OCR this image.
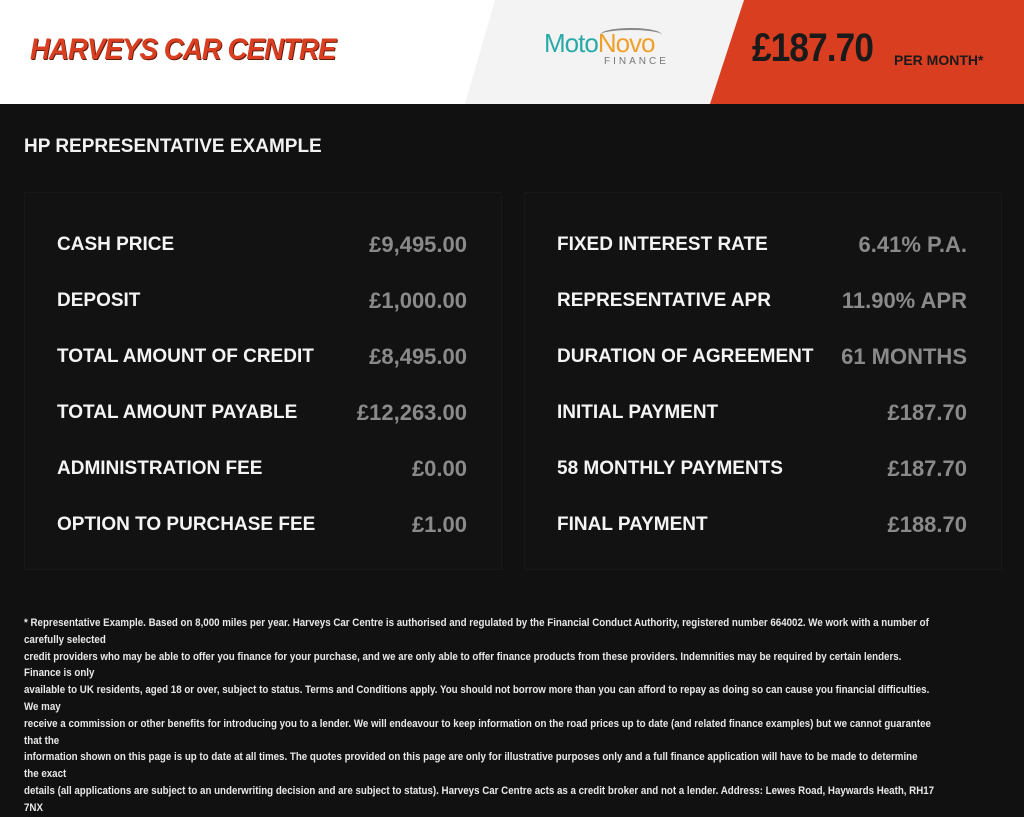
HARVEYS CAR CENTRE	MotoNovo
FINANCE £187.70 PER MONTH*
HP REPRESENTATIVE EXAMPLE
CASH PRICE	£9,495.00
DEPOSIT	£1,000.00
TOTAL AMOUNT OF CREDIT	£8,495.00
TOTAL AMOUNT PAYABLE	£12,263.00
ADMINISTRATION FEE	£0.00
OPTION TO PURCHASE FEE	£1.00
FIXED INTEREST RATE	6.41% P.A.
REPRESENTATIVE APR	11.90% APR
DURATION OF AGREEMENT 61 MONTHS
INITIAL PAYMENT	£187.70
58 MONTHLY PAYMENTS	£187.70
FINAL PAYMENT	£188.70
* Representative Example. Based on 8,000 miles per year. Harveys Car Centre is authorised and regulated by the Financial Conduct Authority, registered number 664002. We work with a number of carefully selected
credit providers who may be able to offer you finance for your purchase, and we are only able to offer finance products from these providers. Indemnities may be required by certain lenders. Finance is only
available to UK residents, aged 18 or over, subject to status. Terms and Conditions apply. You should not borrow more than you can afford to repay as doing so can cause you financial difficulties. We may
receive a commission or other benefits for introducing you to a lender. We will endeavour to keep information on the road prices up to date (and related finance examples) but we cannot guarantee that the
information shown on this page is up to date at all times. The quotes provided on this page are only for illustrative purposes only and a full finance application will have to be made to determine the exact
details (all applications are subject to an underwriting decision and are subject to status). Harveys Car Centre acts as a credit broker and not a lender. Address: Lewes Road, Haywards Heath, RH17 7NX
